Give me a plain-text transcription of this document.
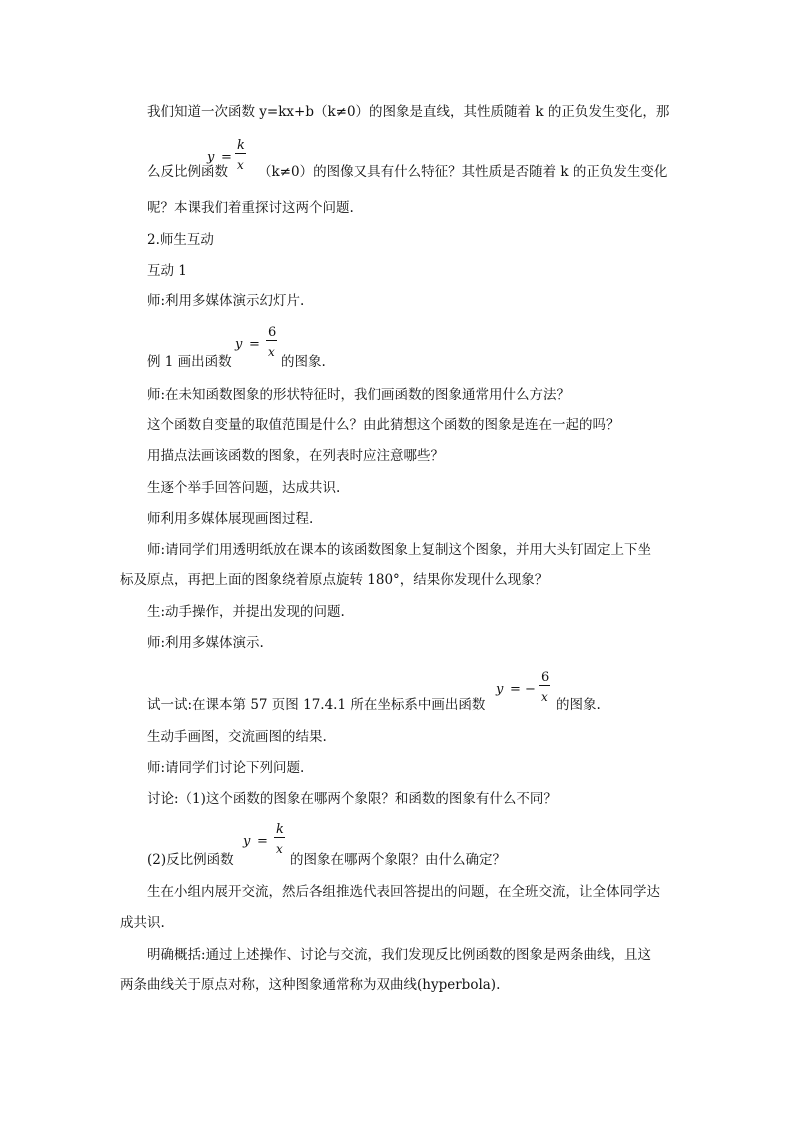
我们知道一次函数 y=kx+b（k≠0）的图象是直线，其性质随着 k 的正负发生变化，那
y =
k
x
么反比例函数 （k≠0）的图像又具有什么特征？其性质是否随着 k 的正负发生变化
呢？本课我们着重探讨这两个问题.
2.师生互动
互动 1
师:利用多媒体演示幻灯片.
y =
6
x
例 1 画出函数	的图象.
师:在未知函数图象的形状特征时，我们画函数的图象通常用什么方法？
这个函数自变量的取值范围是什么？由此猜想这个函数的图象是连在一起的吗？
用描点法画该函数的图象，在列表时应注意哪些？
生逐个举手回答问题，达成共识.
师利用多媒体展现画图过程.
师:请同学们用透明纸放在课本的该函数图象上复制这个图象，并用大头钉固定上下坐
标及原点，再把上面的图象绕着原点旋转 180°，结果你发现什么现象？
生:动手操作，并提出发现的问题.
师:利用多媒体演示.
y = −
6
x
试一试:在课本第 57 页图 17.4.1 所在坐标系中画出函数	的图象.
生动手画图，交流画图的结果.
师:请同学们讨论下列问题.
讨论:（1)这个函数的图象在哪两个象限？和函数的图象有什么不同？
y =
k
x
(2)反比例函数	的图象在哪两个象限？由什么确定？
生在小组内展开交流，然后各组推选代表回答提出的问题，在全班交流，让全体同学达
成共识.
明确概括:通过上述操作、讨论与交流，我们发现反比例函数的图象是两条曲线，且这
两条曲线关于原点对称，这种图象通常称为双曲线(hyperbola).
